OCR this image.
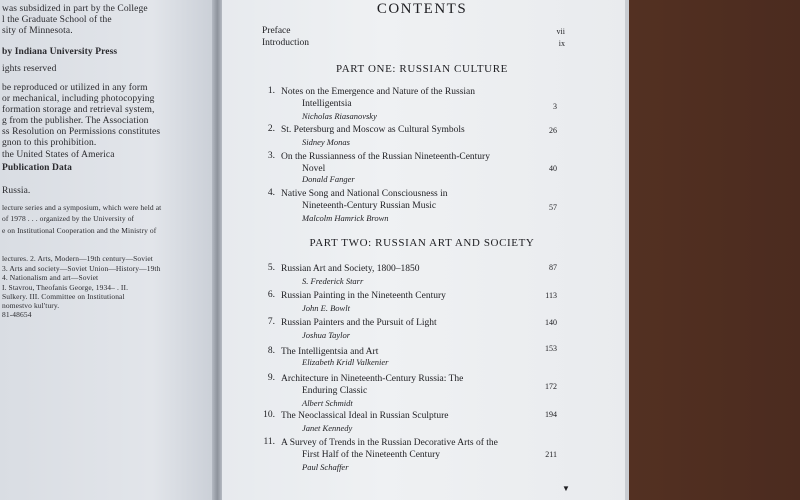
was subsidized in part by the College
l the Graduate School of the
sity of Minnesota.
by Indiana University Press
ights reserved
be reproduced or utilized in any form
or mechanical, including photocopying
formation storage and retrieval system,
g from the publisher. The Association
ss Resolution on Permissions constitutes
gnon to this prohibition.
the United States of America
Publication Data
Russia.
lecture series and a symposium, which were held at
of 1978 . . . organized by the University of
e on Institutional Cooperation and the Ministry of
lectures. 2. Arts, Modern—19th century—Soviet
3. Arts and society—Soviet Union—History—19th
4. Nationalism and art—Soviet
I. Stavrou, Theofanis George, 1934– . II.
Sulkery. III. Committee on Institutional
nomestvo kul'tury.
81-48654
CONTENTS
Preface	vii
Introduction	ix
PART ONE: RUSSIAN CULTURE
1. Notes on the Emergence and Nature of the Russian
Intelligentsia
Nicholas Riasanovsky
3
2. St. Petersburg and Moscow as Cultural Symbols
Sidney Monas
26
3. On the Russianness of the Russian Nineteenth-Century
Novel
Donald Fanger
40
4. Native Song and National Consciousness in
Nineteenth-Century Russian Music
Malcolm Hamrick Brown
57
PART TWO: RUSSIAN ART AND SOCIETY
5. Russian Art and Society, 1800–1850
S. Frederick Starr
87
6. Russian Painting in the Nineteenth Century
John E. Bowlt
113
7. Russian Painters and the Pursuit of Light
Joshua Taylor
140
8. The Intelligentsia and Art
Elizabeth Kridl Valkenier
153
9. Architecture in Nineteenth-Century Russia: The
Enduring Classic
Albert Schmidt
172
10. The Neoclassical Ideal in Russian Sculpture
Janet Kennedy
194
11. A Survey of Trends in the Russian Decorative Arts of the
First Half of the Nineteenth Century
Paul Schaffer
211
▼
